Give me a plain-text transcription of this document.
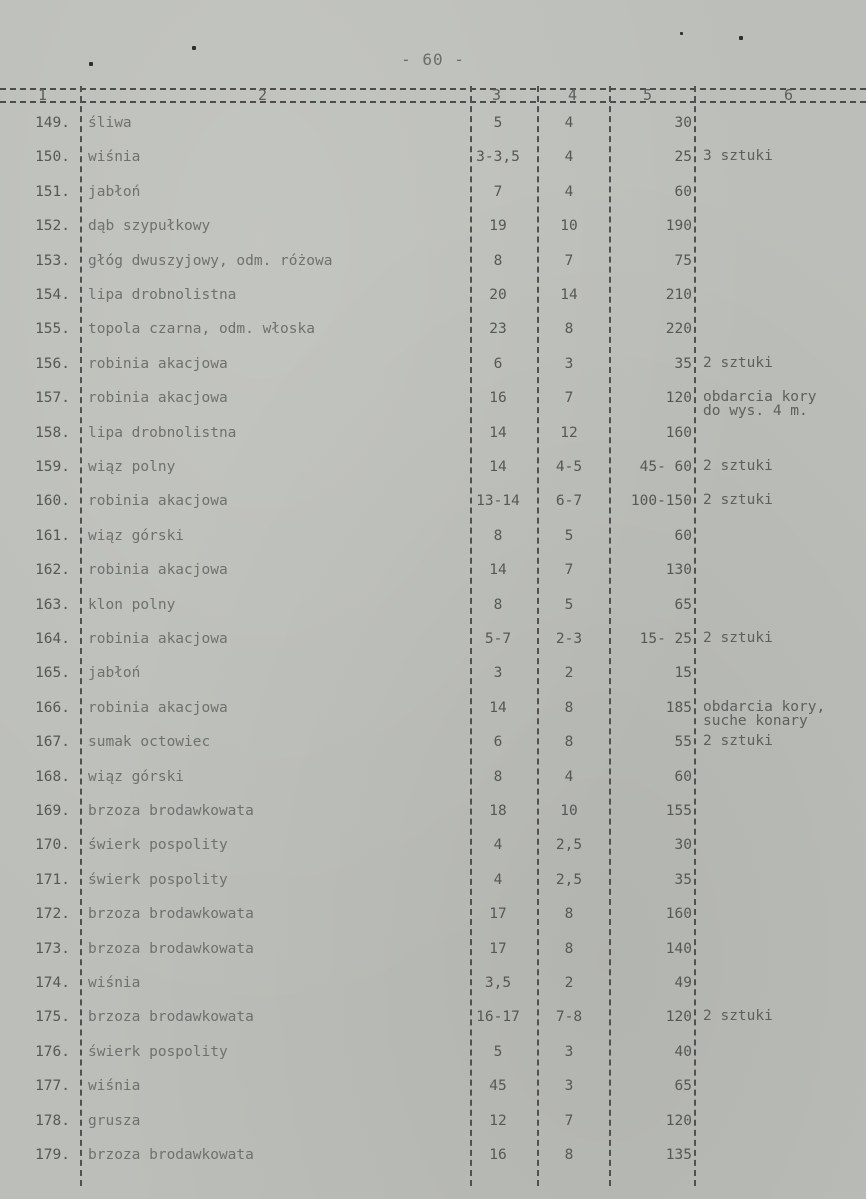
- 60 -
1	2	3	4	5	6
149. śliwa	5	4	30
150. wiśnia	3-3,5	4	25 3 sztuki
151. jabłoń	7	4	60
152. dąb szypułkowy	19	10	190
153. głóg dwuszyjowy, odm. różowa	8	7	75
154. lipa drobnolistna	20	14	210
155. topola czarna, odm. włoska	23	8	220
156. robinia akacjowa	6	3	35 2 sztuki
157. robinia akacjowa	16	7	120 obdarcia kory
do wys. 4 m.
158. lipa drobnolistna	14	12	160
159. wiąz polny	14	4-5	45- 60 2 sztuki
160. robinia akacjowa	13-14	6-7	100-150 2 sztuki
161. wiąz górski	8	5	60
162. robinia akacjowa	14	7	130
163. klon polny	8	5	65
164. robinia akacjowa	5-7	2-3	15- 25 2 sztuki
165. jabłoń	3	2	15
166. robinia akacjowa	14	8	185 obdarcia kory,
suche konary
167. sumak octowiec	6	8	55 2 sztuki
168. wiąz górski	8	4	60
169. brzoza brodawkowata	18	10	155
170. świerk pospolity	4	2,5	30
171. świerk pospolity	4	2,5	35
172. brzoza brodawkowata	17	8	160
173. brzoza brodawkowata	17	8	140
174. wiśnia	3,5	2	49
175. brzoza brodawkowata	16-17	7-8	120 2 sztuki
176. świerk pospolity	5	3	40
177. wiśnia	45	3	65
178. grusza	12	7	120
179. brzoza brodawkowata	16	8	135
